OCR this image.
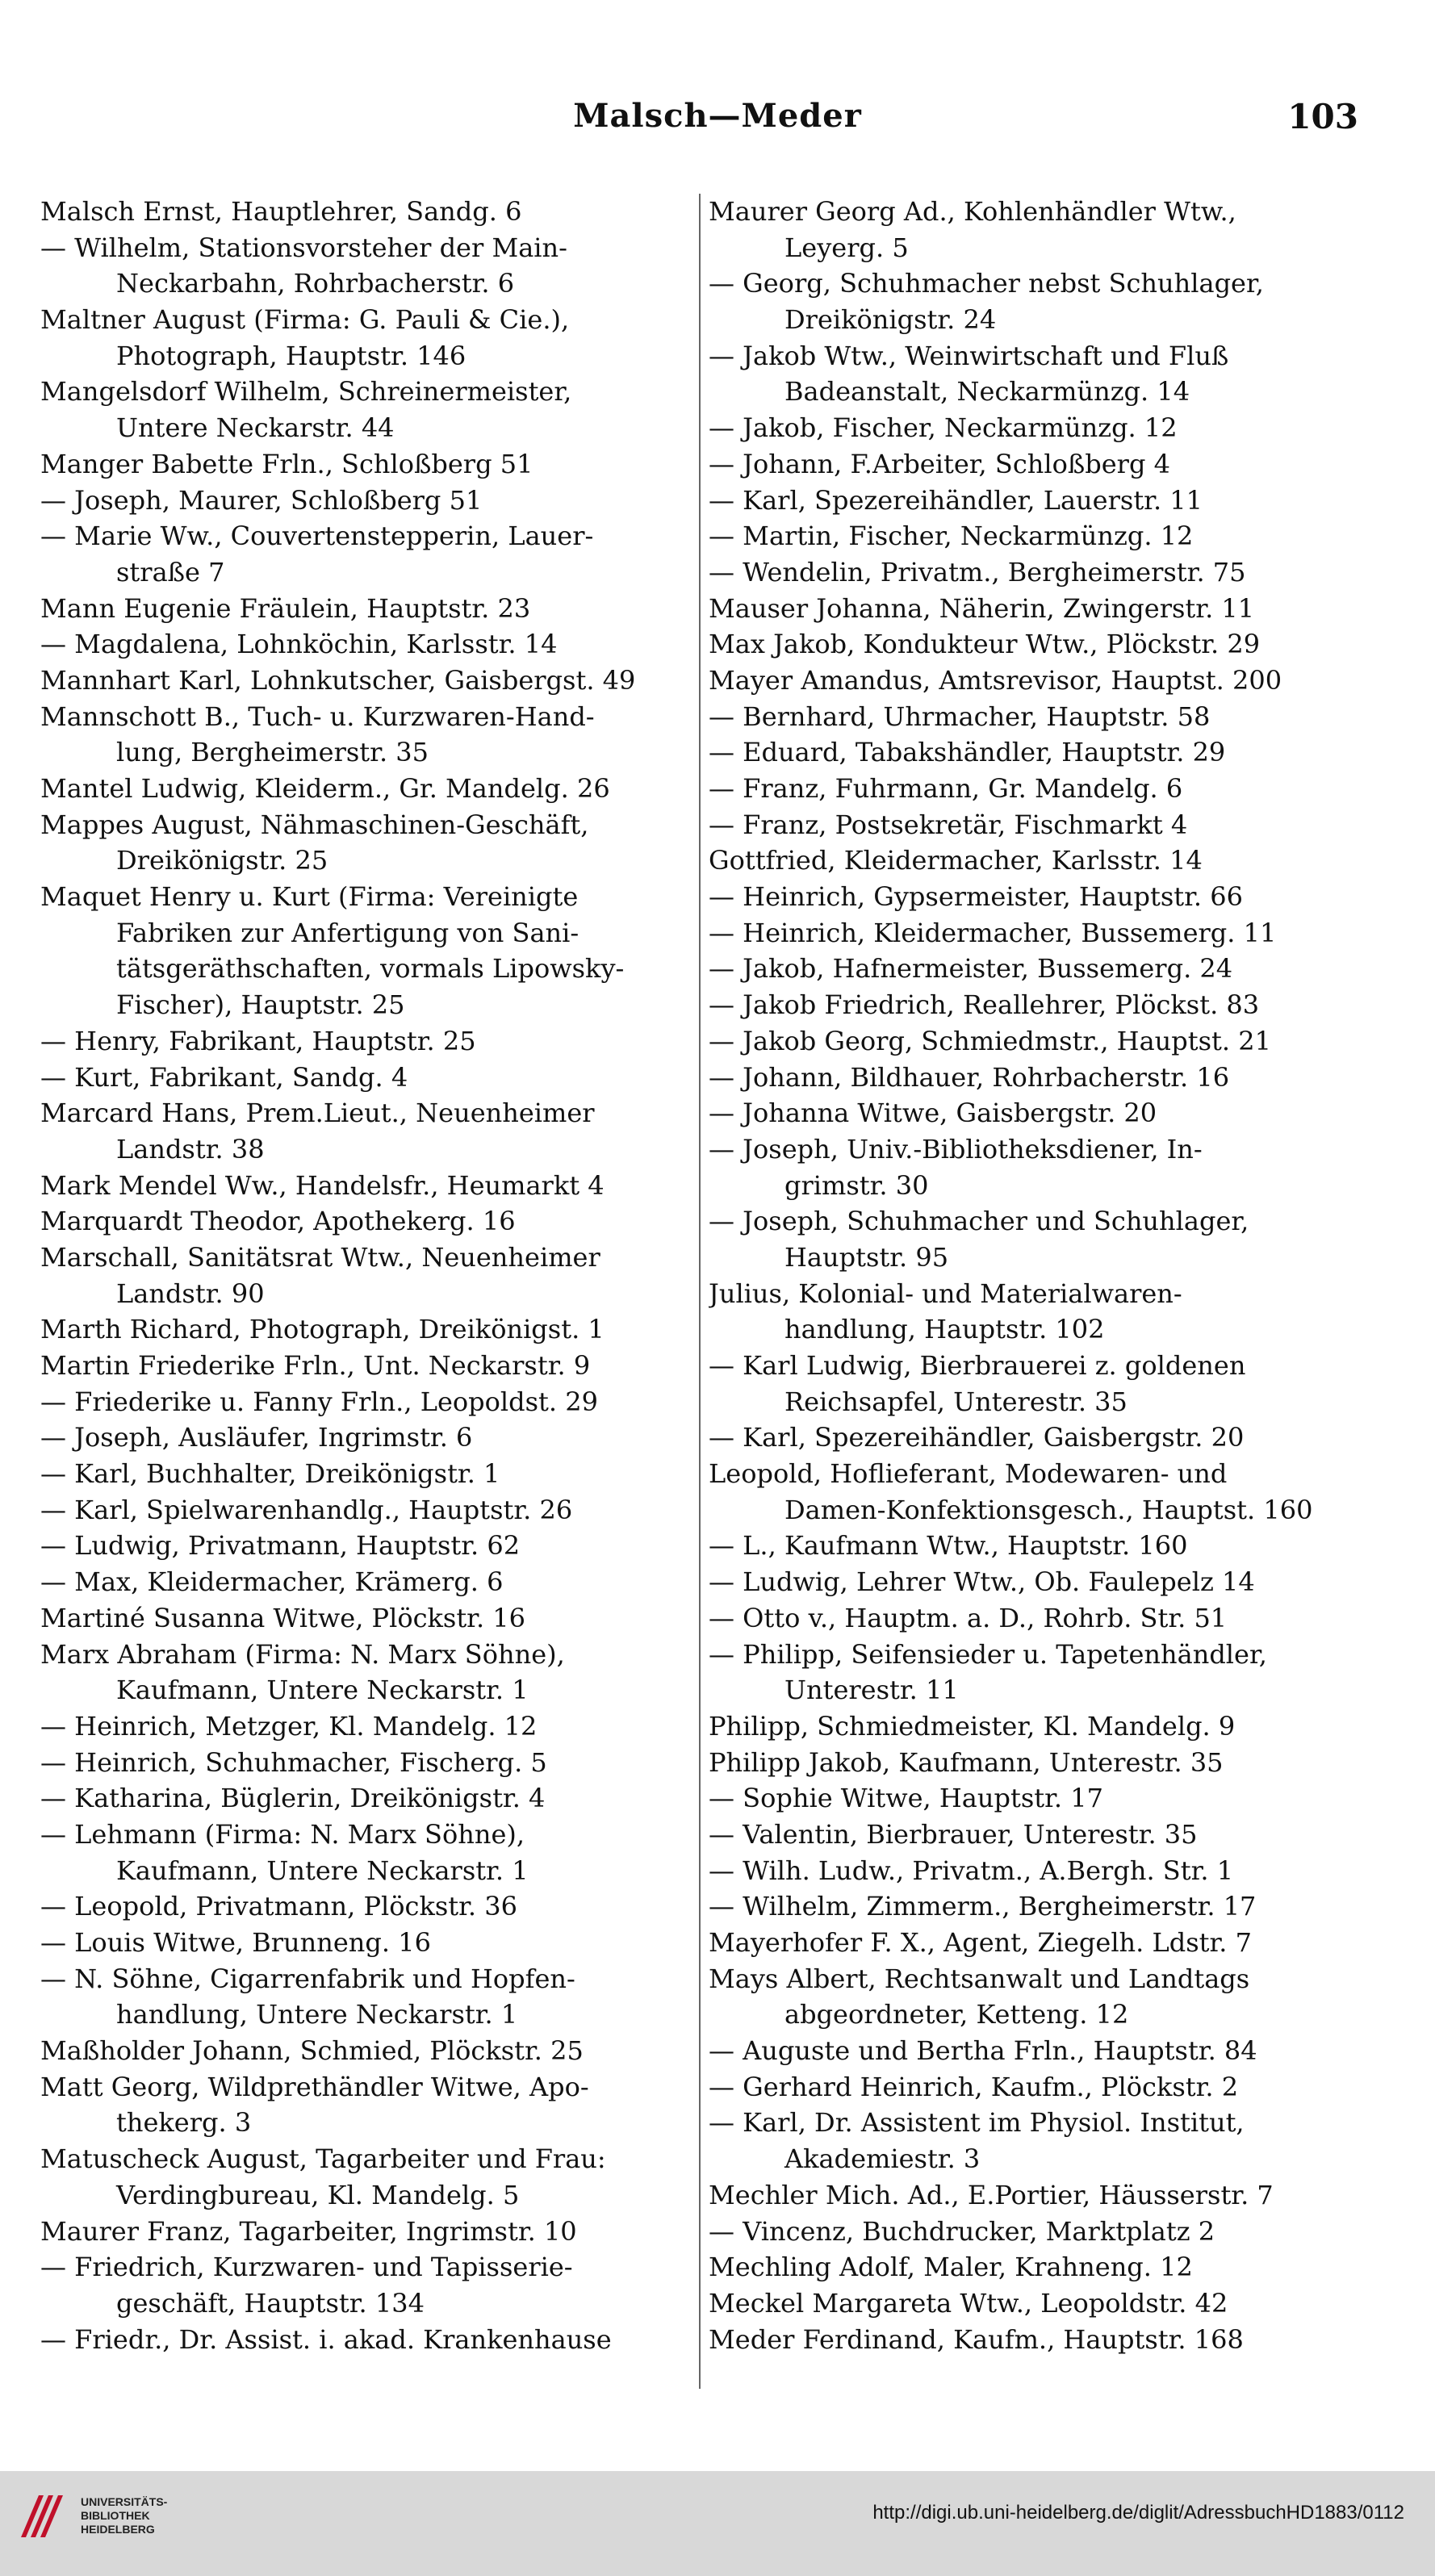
Malsch—Meder	103
Malsch Ernst, Hauptlehrer, Sandg. 6
— Wilhelm, Stationsvorsteher der Main-
Neckarbahn, Rohrbacherstr. 6
Maltner August (Firma: G. Pauli & Cie.),
Photograph, Hauptstr. 146
Mangelsdorf Wilhelm, Schreinermeister,
Untere Neckarstr. 44
Manger Babette Frln., Schloßberg 51
— Joseph, Maurer, Schloßberg 51
— Marie Ww., Couvertenstepperin, Lauer-
straße 7
Mann Eugenie Fräulein, Hauptstr. 23
— Magdalena, Lohnköchin, Karlsstr. 14
Mannhart Karl, Lohnkutscher, Gaisbergst. 49
Mannschott B., Tuch- u. Kurzwaren-Hand-
lung, Bergheimerstr. 35
Mantel Ludwig, Kleiderm., Gr. Mandelg. 26
Mappes August, Nähmaschinen-Geschäft,
Dreikönigstr. 25
Maquet Henry u. Kurt (Firma: Vereinigte
Fabriken zur Anfertigung von Sani-
tätsgeräthschaften, vormals Lipowsky-
Fischer), Hauptstr. 25
— Henry, Fabrikant, Hauptstr. 25
— Kurt, Fabrikant, Sandg. 4
Marcard Hans, Prem.Lieut., Neuenheimer
Landstr. 38
Mark Mendel Ww., Handelsfr., Heumarkt 4
Marquardt Theodor, Apothekerg. 16
Marschall, Sanitätsrat Wtw., Neuenheimer
Landstr. 90
Marth Richard, Photograph, Dreikönigst. 1
Martin Friederike Frln., Unt. Neckarstr. 9
— Friederike u. Fanny Frln., Leopoldst. 29
— Joseph, Ausläufer, Ingrimstr. 6
— Karl, Buchhalter, Dreikönigstr. 1
— Karl, Spielwarenhandlg., Hauptstr. 26
— Ludwig, Privatmann, Hauptstr. 62
— Max, Kleidermacher, Krämerg. 6
Martiné Susanna Witwe, Plöckstr. 16
Marx Abraham (Firma: N. Marx Söhne),
Kaufmann, Untere Neckarstr. 1
— Heinrich, Metzger, Kl. Mandelg. 12
— Heinrich, Schuhmacher, Fischerg. 5
— Katharina, Büglerin, Dreikönigstr. 4
— Lehmann (Firma: N. Marx Söhne),
Kaufmann, Untere Neckarstr. 1
— Leopold, Privatmann, Plöckstr. 36
— Louis Witwe, Brunneng. 16
— N. Söhne, Cigarrenfabrik und Hopfen-
handlung, Untere Neckarstr. 1
Maßholder Johann, Schmied, Plöckstr. 25
Matt Georg, Wildprethändler Witwe, Apo-
thekerg. 3
Matuscheck August, Tagarbeiter und Frau:
Verdingbureau, Kl. Mandelg. 5
Maurer Franz, Tagarbeiter, Ingrimstr. 10
— Friedrich, Kurzwaren- und Tapisserie-
geschäft, Hauptstr. 134
— Friedr., Dr. Assist. i. akad. Krankenhause
Maurer Georg Ad., Kohlenhändler Wtw.,
Leyerg. 5
— Georg, Schuhmacher nebst Schuhlager,
Dreikönigstr. 24
— Jakob Wtw., Weinwirtschaft und Fluß
Badeanstalt, Neckarmünzg. 14
— Jakob, Fischer, Neckarmünzg. 12
— Johann, F.Arbeiter, Schloßberg 4
— Karl, Spezereihändler, Lauerstr. 11
— Martin, Fischer, Neckarmünzg. 12
— Wendelin, Privatm., Bergheimerstr. 75
Mauser Johanna, Näherin, Zwingerstr. 11
Max Jakob, Kondukteur Wtw., Plöckstr. 29
Mayer Amandus, Amtsrevisor, Hauptst. 200
— Bernhard, Uhrmacher, Hauptstr. 58
— Eduard, Tabakshändler, Hauptstr. 29
— Franz, Fuhrmann, Gr. Mandelg. 6
— Franz, Postsekretär, Fischmarkt 4
Gottfried, Kleidermacher, Karlsstr. 14
— Heinrich, Gypsermeister, Hauptstr. 66
— Heinrich, Kleidermacher, Bussemerg. 11
— Jakob, Hafnermeister, Bussemerg. 24
— Jakob Friedrich, Reallehrer, Plöckst. 83
— Jakob Georg, Schmiedmstr., Hauptst. 21
— Johann, Bildhauer, Rohrbacherstr. 16
— Johanna Witwe, Gaisbergstr. 20
— Joseph, Univ.-Bibliotheksdiener, In-
grimstr. 30
— Joseph, Schuhmacher und Schuhlager,
Hauptstr. 95
Julius, Kolonial- und Materialwaren-
handlung, Hauptstr. 102
— Karl Ludwig, Bierbrauerei z. goldenen
Reichsapfel, Unterestr. 35
— Karl, Spezereihändler, Gaisbergstr. 20
Leopold, Hoflieferant, Modewaren- und
Damen-Konfektionsgesch., Hauptst. 160
— L., Kaufmann Wtw., Hauptstr. 160
— Ludwig, Lehrer Wtw., Ob. Faulepelz 14
— Otto v., Hauptm. a. D., Rohrb. Str. 51
— Philipp, Seifensieder u. Tapetenhändler,
Unterestr. 11
Philipp, Schmiedmeister, Kl. Mandelg. 9
Philipp Jakob, Kaufmann, Unterestr. 35
— Sophie Witwe, Hauptstr. 17
— Valentin, Bierbrauer, Unterestr. 35
— Wilh. Ludw., Privatm., A.Bergh. Str. 1
— Wilhelm, Zimmerm., Bergheimerstr. 17
Mayerhofer F. X., Agent, Ziegelh. Ldstr. 7
Mays Albert, Rechtsanwalt und Landtags
abgeordneter, Ketteng. 12
— Auguste und Bertha Frln., Hauptstr. 84
— Gerhard Heinrich, Kaufm., Plöckstr. 2
— Karl, Dr. Assistent im Physiol. Institut,
Akademiestr. 3
Mechler Mich. Ad., E.Portier, Häusserstr. 7
— Vincenz, Buchdrucker, Marktplatz 2
Mechling Adolf, Maler, Krahneng. 12
Meckel Margareta Wtw., Leopoldstr. 42
Meder Ferdinand, Kaufm., Hauptstr. 168
UNIVERSITÄTS-
BIBLIOTHEK
HEIDELBERG
http://digi.ub.uni-heidelberg.de/diglit/AdressbuchHD1883/0112
